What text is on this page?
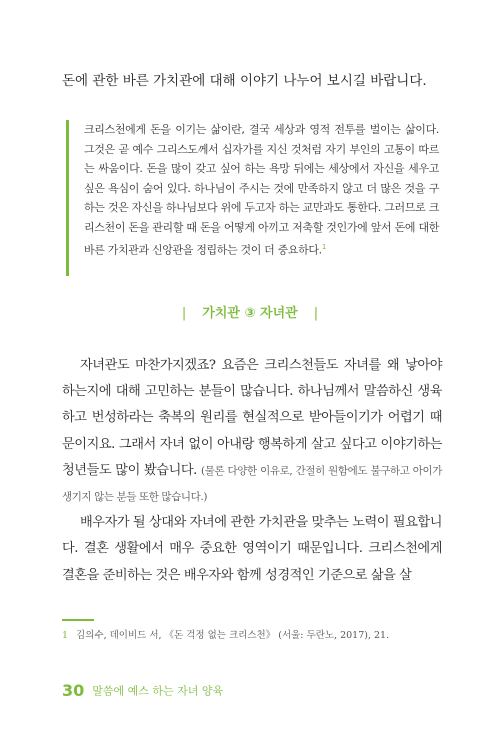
돈에 관한 바른 가치관에 대해 이야기 나누어 보시길 바랍니다.
크리스천에게 돈을 이기는 삶이란, 결국 세상과 영적 전투를 벌이는 삶이다. 그것은 곧 예수 그리스도께서 십자가를 지신 것처럼 자기 부인의 고통이 따르는 싸움이다. 돈을 많이 갖고 싶어 하는 욕망 뒤에는 세상에서 자신을 세우고 싶은 욕심이 숨어 있다. 하나님이 주시는 것에 만족하지 않고 더 많은 것을 구하는 것은 자신을 하나님보다 위에 두고자 하는 교만과도 통한다. 그러므로 크리스천이 돈을 관리할 때 돈을 어떻게 아끼고 저축할 것인가에 앞서 돈에 대한 바른 가치관과 신앙관을 정립하는 것이 더 중요하다.$^1$
| 가치관 ③ 자녀관 |

자녀관도 마찬가지겠죠? 요즘은 크리스천들도 자녀를 왜 낳아야 하는지에 대해 고민하는 분들이 많습니다. 하나님께서 말씀하신 생육하고 번성하라는 축복의 원리를 현실적으로 받아들이기가 어렵기 때문이지요. 그래서 자녀 없이 아내랑 행복하게 살고 싶다고 이야기하는 청년들도 많이 봤습니다. (물론 다양한 이유로, 간절히 원함에도 불구하고 아이가 생기지 않는 분들 또한 많습니다.)

배우자가 될 상대와 자녀에 관한 가치관을 맞추는 노력이 필요합니다. 결혼 생활에서 매우 중요한 영역이기 때문입니다. 크리스천에게 결혼을 준비하는 것은 배우자와 함께 성경적인 기준으로 삶을 살

1 김의수, 데이비드 서, 《돈 걱정 없는 크리스천》 (서울: 두란노, 2017), 21.
30 말씀에 예스 하는 자녀 양육
